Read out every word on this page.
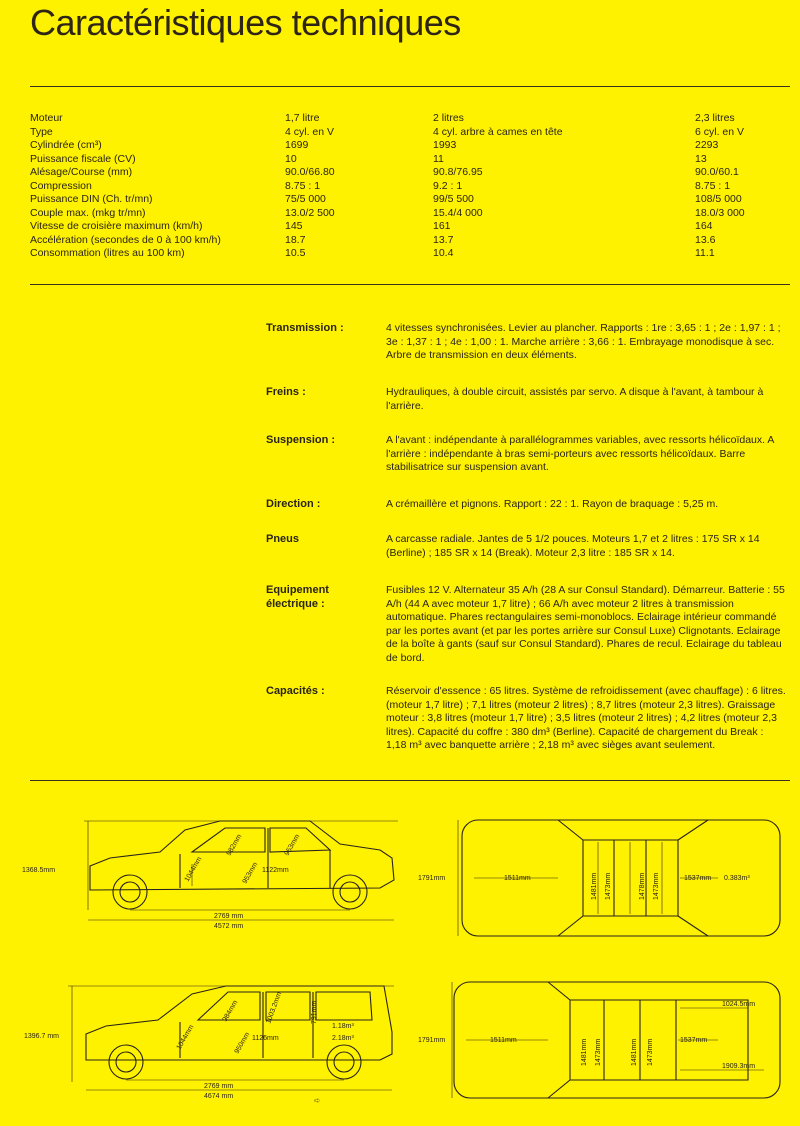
Caractéristiques techniques
Moteur	1,7 litre	2 litres	2,3 litres
Type	4 cyl. en V	4 cyl. arbre à cames en tête	6 cyl. en V
Cylindrée (cm³)	1699	1993	2293
Puissance fiscale (CV)	10	11	13
Alésage/Course (mm)	90.0/66.80	90.8/76.95	90.0/60.1
Compression	8.75 : 1	9.2 : 1	8.75 : 1
Puissance DIN (Ch. tr/mn)	75/5 000	99/5 500	108/5 000
Couple max. (mkg tr/mn)	13.0/2 500	15.4/4 000	18.0/3 000
Vitesse de croisière maximum (km/h)	145	161	164
Accélération (secondes de 0 à 100 km/h)	18.7	13.7	13.6
Consommation (litres au 100 km)	10.5	10.4	11.1
Transmission :	4 vitesses synchronisées. Levier au plancher. Rapports : 1re : 3,65 : 1 ; 2e : 1,97 : 1 ; 3e : 1,37 : 1 ; 4e : 1,00 : 1. Marche arrière : 3,66 : 1. Embrayage monodisque à sec. Arbre de transmission en deux éléments.
Freins :	Hydrauliques, à double circuit, assistés par servo. A disque à l'avant, à tambour à l'arrière.
Suspension :	A l'avant : indépendante à parallélogrammes variables, avec ressorts hélicoïdaux. A l'arrière : indépendante à bras semi-porteurs avec ressorts hélicoïdaux. Barre stabilisatrice sur suspension avant.
Direction :	A crémaillère et pignons. Rapport : 22 : 1. Rayon de braquage : 5,25 m.
Pneus	A carcasse radiale. Jantes de 5 1/2 pouces. Moteurs 1,7 et 2 litres : 175 SR x 14 (Berline) ; 185 SR x 14 (Break). Moteur 2,3 litre : 185 SR x 14.
Equipement électrique :
Fusibles 12 V. Alternateur 35 A/h (28 A sur Consul Standard). Démarreur. Batterie : 55 A/h (44 A avec moteur 1,7 litre) ; 66 A/h avec moteur 2 litres à transmission automatique. Phares rectangulaires semi-monoblocs. Eclairage intérieur commandé par les portes avant (et par les portes arrière sur Consul Luxe) Clignotants. Eclairage de la boîte à gants (sauf sur Consul Standard). Phares de recul. Eclairage du tableau de bord.
Capacités :	Réservoir d'essence : 65 litres. Système de refroidissement (avec chauffage) : 6 litres. (moteur 1,7 litre) ; 7,1 litres (moteur 2 litres) ; 8,7 litres (moteur 2,3 litres). Graissage moteur : 3,8 litres (moteur 1,7 litre) ; 3,5 litres (moteur 2 litres) ; 4,2 litres (moteur 2,3 litres). Capacité du coffre : 380 dm³ (Berline). Capacité de chargement du Break : 1,18 m³ avec banquette arrière ; 2,18 m³ avec sièges avant seulement.
1368.5mm
2769 mm
4572 mm
1044mm
982mm
953mm
953mm
1122mm
1791mm	1511mm	1481mm 1473mm	1478mm 1473mm	1537mm 0.383m³
1396.7 mm
2769 mm
4674 mm
1044mm
984mm	1003.2mm
950mm 1126mm
791mm
1.18m³
2.18m³	1791mm	1511mm	1481mm 1473mm	1481mm 1473mm	1537mm
1024.5mm
1909.3mm
➪
